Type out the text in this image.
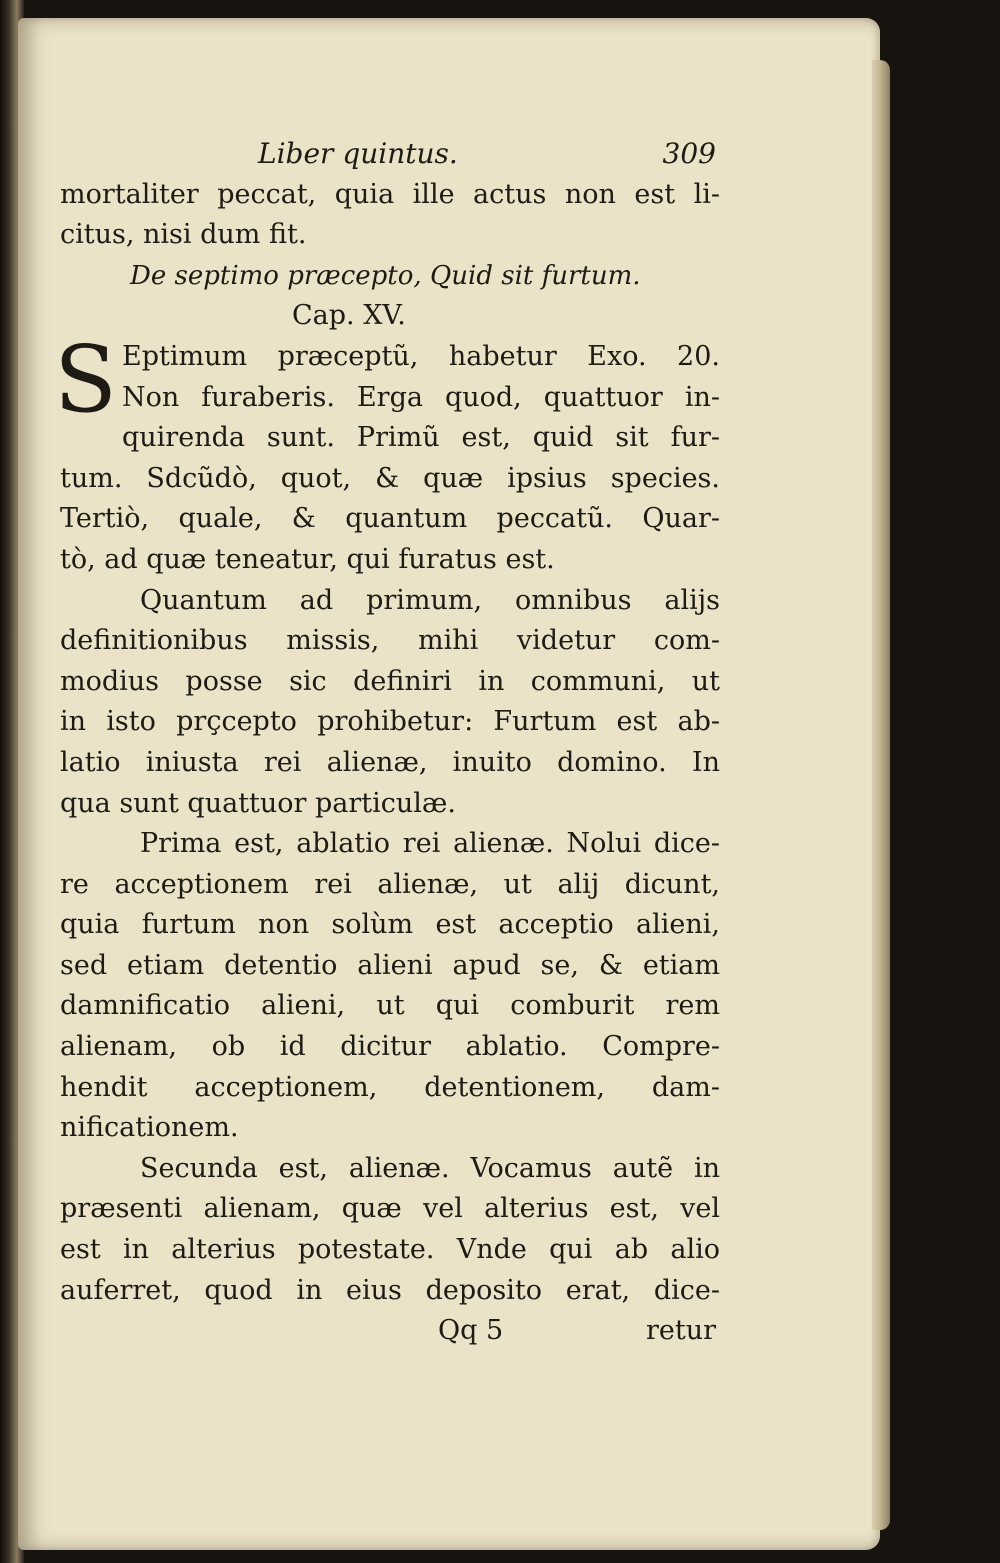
Liber quintus.	309
mortaliter peccat, quia ille actus non est li-
citus, nisi dum fit.
De septimo præcepto, Quid sit furtum.
Cap. XV.
S Eptimum præceptũ, habetur Exo. 20.
Non furaberis. Erga quod, quattuor in-
quirenda sunt. Primũ est, quid sit fur-
tum. Sdcũdò, quot, & quæ ipsius species.
Tertiò, quale, & quantum peccatũ. Quar-
tò, ad quæ teneatur, qui furatus est.
Quantum ad primum, omnibus alijs
definitionibus missis, mihi videtur com-
modius posse sic definiri in communi, ut
in isto prçcepto prohibetur: Furtum est ab-
latio iniusta rei alienæ, inuito domino. In
qua sunt quattuor particulæ.
Prima est, ablatio rei alienæ. Nolui dice-
re acceptionem rei alienæ, ut alij dicunt,
quia furtum non solùm est acceptio alieni,
sed etiam detentio alieni apud se, & etiam
damnificatio alieni, ut qui comburit rem
alienam, ob id dicitur ablatio. Compre-
hendit acceptionem, detentionem, dam-
nificationem.
Secunda est, alienæ. Vocamus autẽ in
præsenti alienam, quæ vel alterius est, vel
est in alterius potestate. Vnde qui ab alio
auferret, quod in eius deposito erat, dice-
Qq 5	retur
